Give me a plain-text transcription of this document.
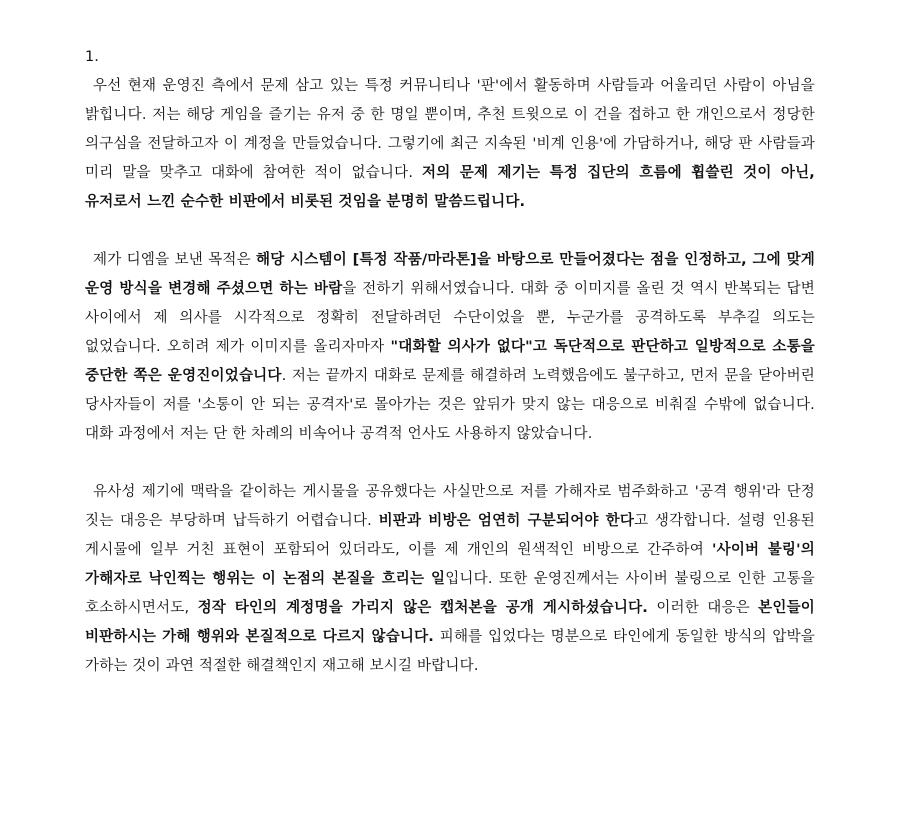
1.

우선 현재 운영진 측에서 문제 삼고 있는 특정 커뮤니티나 '판'에서 활동하며 사람들과 어울리던 사람이 아님을 밝힙니다. 저는 해당 게임을 즐기는 유저 중 한 명일 뿐이며, 추천 트윗으로 이 건을 접하고 한 개인으로서 정당한 의구심을 전달하고자 이 계정을 만들었습니다. 그렇기에 최근 지속된 '비계 인용'에 가담하거나, 해당 판 사람들과 미리 말을 맞추고 대화에 참여한 적이 없습니다. 저의 문제 제기는 특정 집단의 흐름에 휩쓸린 것이 아닌, 유저로서 느낀 순수한 비판에서 비롯된 것임을 분명히 말씀드립니다.

제가 디엠을 보낸 목적은 해당 시스템이 [특정 작품/마라톤]을 바탕으로 만들어졌다는 점을 인정하고, 그에 맞게 운영 방식을 변경해 주셨으면 하는 바람을 전하기 위해서였습니다. 대화 중 이미지를 올린 것 역시 반복되는 답변 사이에서 제 의사를 시각적으로 정확히 전달하려던 수단이었을 뿐, 누군가를 공격하도록 부추길 의도는 없었습니다. 오히려 제가 이미지를 올리자마자 "대화할 의사가 없다"고 독단적으로 판단하고 일방적으로 소통을 중단한 쪽은 운영진이었습니다. 저는 끝까지 대화로 문제를 해결하려 노력했음에도 불구하고, 먼저 문을 닫아버린 당사자들이 저를 '소통이 안 되는 공격자'로 몰아가는 것은 앞뒤가 맞지 않는 대응으로 비춰질 수밖에 없습니다. 대화 과정에서 저는 단 한 차례의 비속어나 공격적 언사도 사용하지 않았습니다.

유사성 제기에 맥락을 같이하는 게시물을 공유했다는 사실만으로 저를 가해자로 범주화하고 '공격 행위'라 단정 짓는 대응은 부당하며 납득하기 어렵습니다. 비판과 비방은 엄연히 구분되어야 한다고 생각합니다. 설령 인용된 게시물에 일부 거친 표현이 포함되어 있더라도, 이를 제 개인의 원색적인 비방으로 간주하여 '사이버 불링'의 가해자로 낙인찍는 행위는 이 논점의 본질을 흐리는 일입니다. 또한 운영진께서는 사이버 불링으로 인한 고통을 호소하시면서도, 정작 타인의 계정명을 가리지 않은 캡처본을 공개 게시하셨습니다. 이러한 대응은 본인들이 비판하시는 가해 행위와 본질적으로 다르지 않습니다. 피해를 입었다는 명분으로 타인에게 동일한 방식의 압박을 가하는 것이 과연 적절한 해결책인지 재고해 보시길 바랍니다.
